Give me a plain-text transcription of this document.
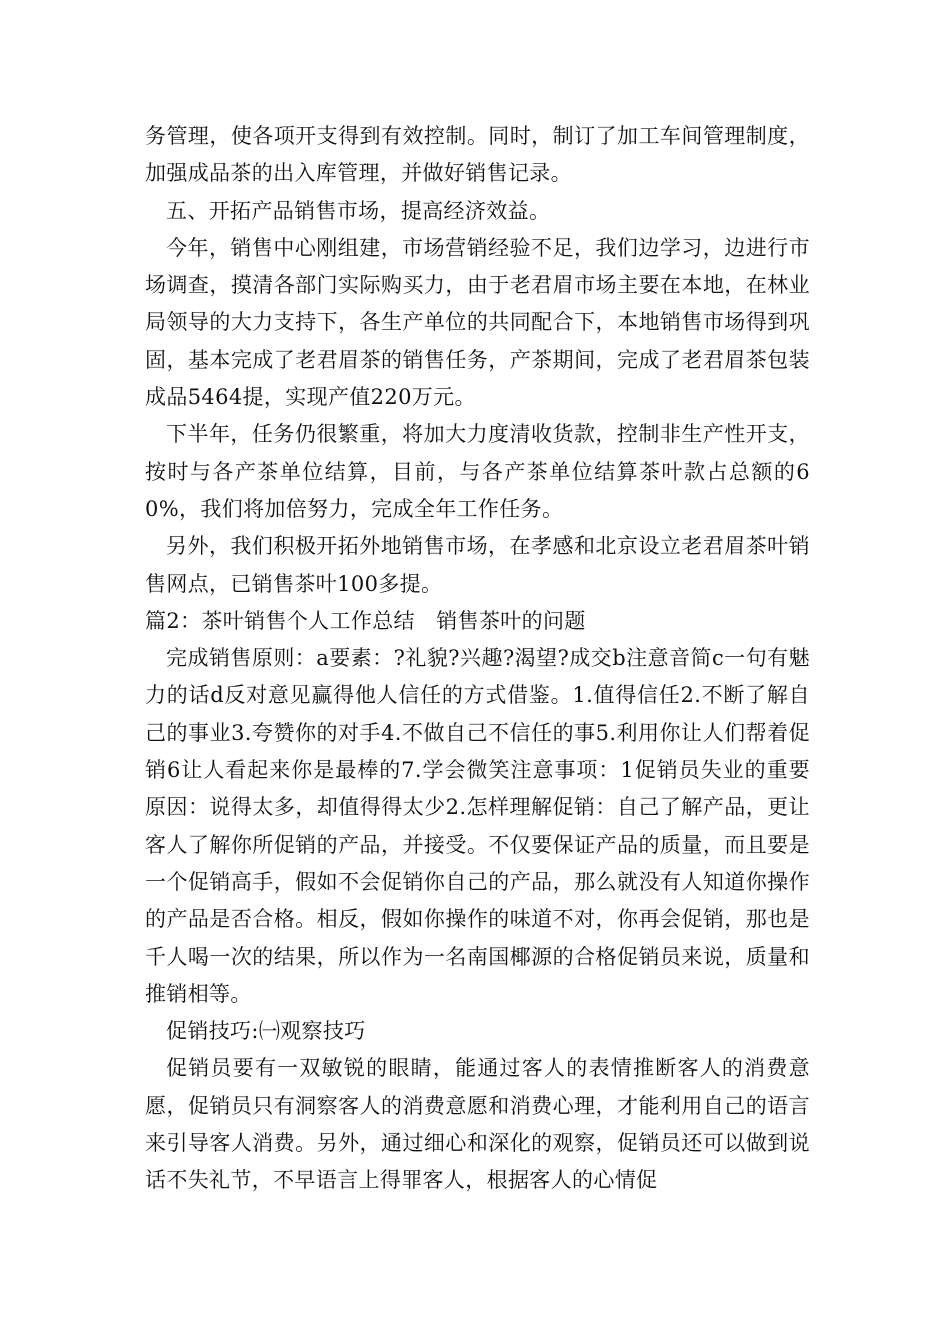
务管理，使各项开支得到有效控制。同时，制订了加工车间管理制度，加强成品茶的出入库管理，并做好销售记录。

五、开拓产品销售市场，提高经济效益。

今年，销售中心刚组建，市场营销经验不足，我们边学习，边进行市场调查，摸清各部门实际购买力，由于老君眉市场主要在本地，在林业局领导的大力支持下，各生产单位的共同配合下，本地销售市场得到巩固，基本完成了老君眉茶的销售任务，产茶期间，完成了老君眉茶包装成品5464提，实现产值220万元。

下半年，任务仍很繁重，将加大力度清收货款，控制非生产性开支，按时与各产茶单位结算，目前，与各产茶单位结算茶叶款占总额的60%，我们将加倍努力，完成全年工作任务。

另外，我们积极开拓外地销售市场，在孝感和北京设立老君眉茶叶销售网点，已销售茶叶100多提。

篇2：茶叶销售个人工作总结　销售茶叶的问题

完成销售原则：a要素：?礼貌?兴趣?渴望?成交b注意音简c一句有魅力的话d反对意见赢得他人信任的方式借鉴。1.值得信任2.不断了解自己的事业3.夸赞你的对手4.不做自己不信任的事5.利用你让人们帮着促销6让人看起来你是最棒的7.学会微笑注意事项：1促销员失业的重要原因：说得太多，却值得得太少2.怎样理解促销：自己了解产品，更让客人了解你所促销的产品，并接受。不仅要保证产品的质量，而且要是一个促销高手，假如不会促销你自己的产品，那么就没有人知道你操作的产品是否合格。相反，假如你操作的味道不对，你再会促销，那也是千人喝一次的结果，所以作为一名南国椰源的合格促销员来说，质量和推销相等。

促销技巧:㈠观察技巧

促销员要有一双敏锐的眼睛，能通过客人的表情推断客人的消费意愿，促销员只有洞察客人的消费意愿和消费心理，才能利用自己的语言来引导客人消费。另外，通过细心和深化的观察，促销员还可以做到说话不失礼节，不早语言上得罪客人，根据客人的心情促
